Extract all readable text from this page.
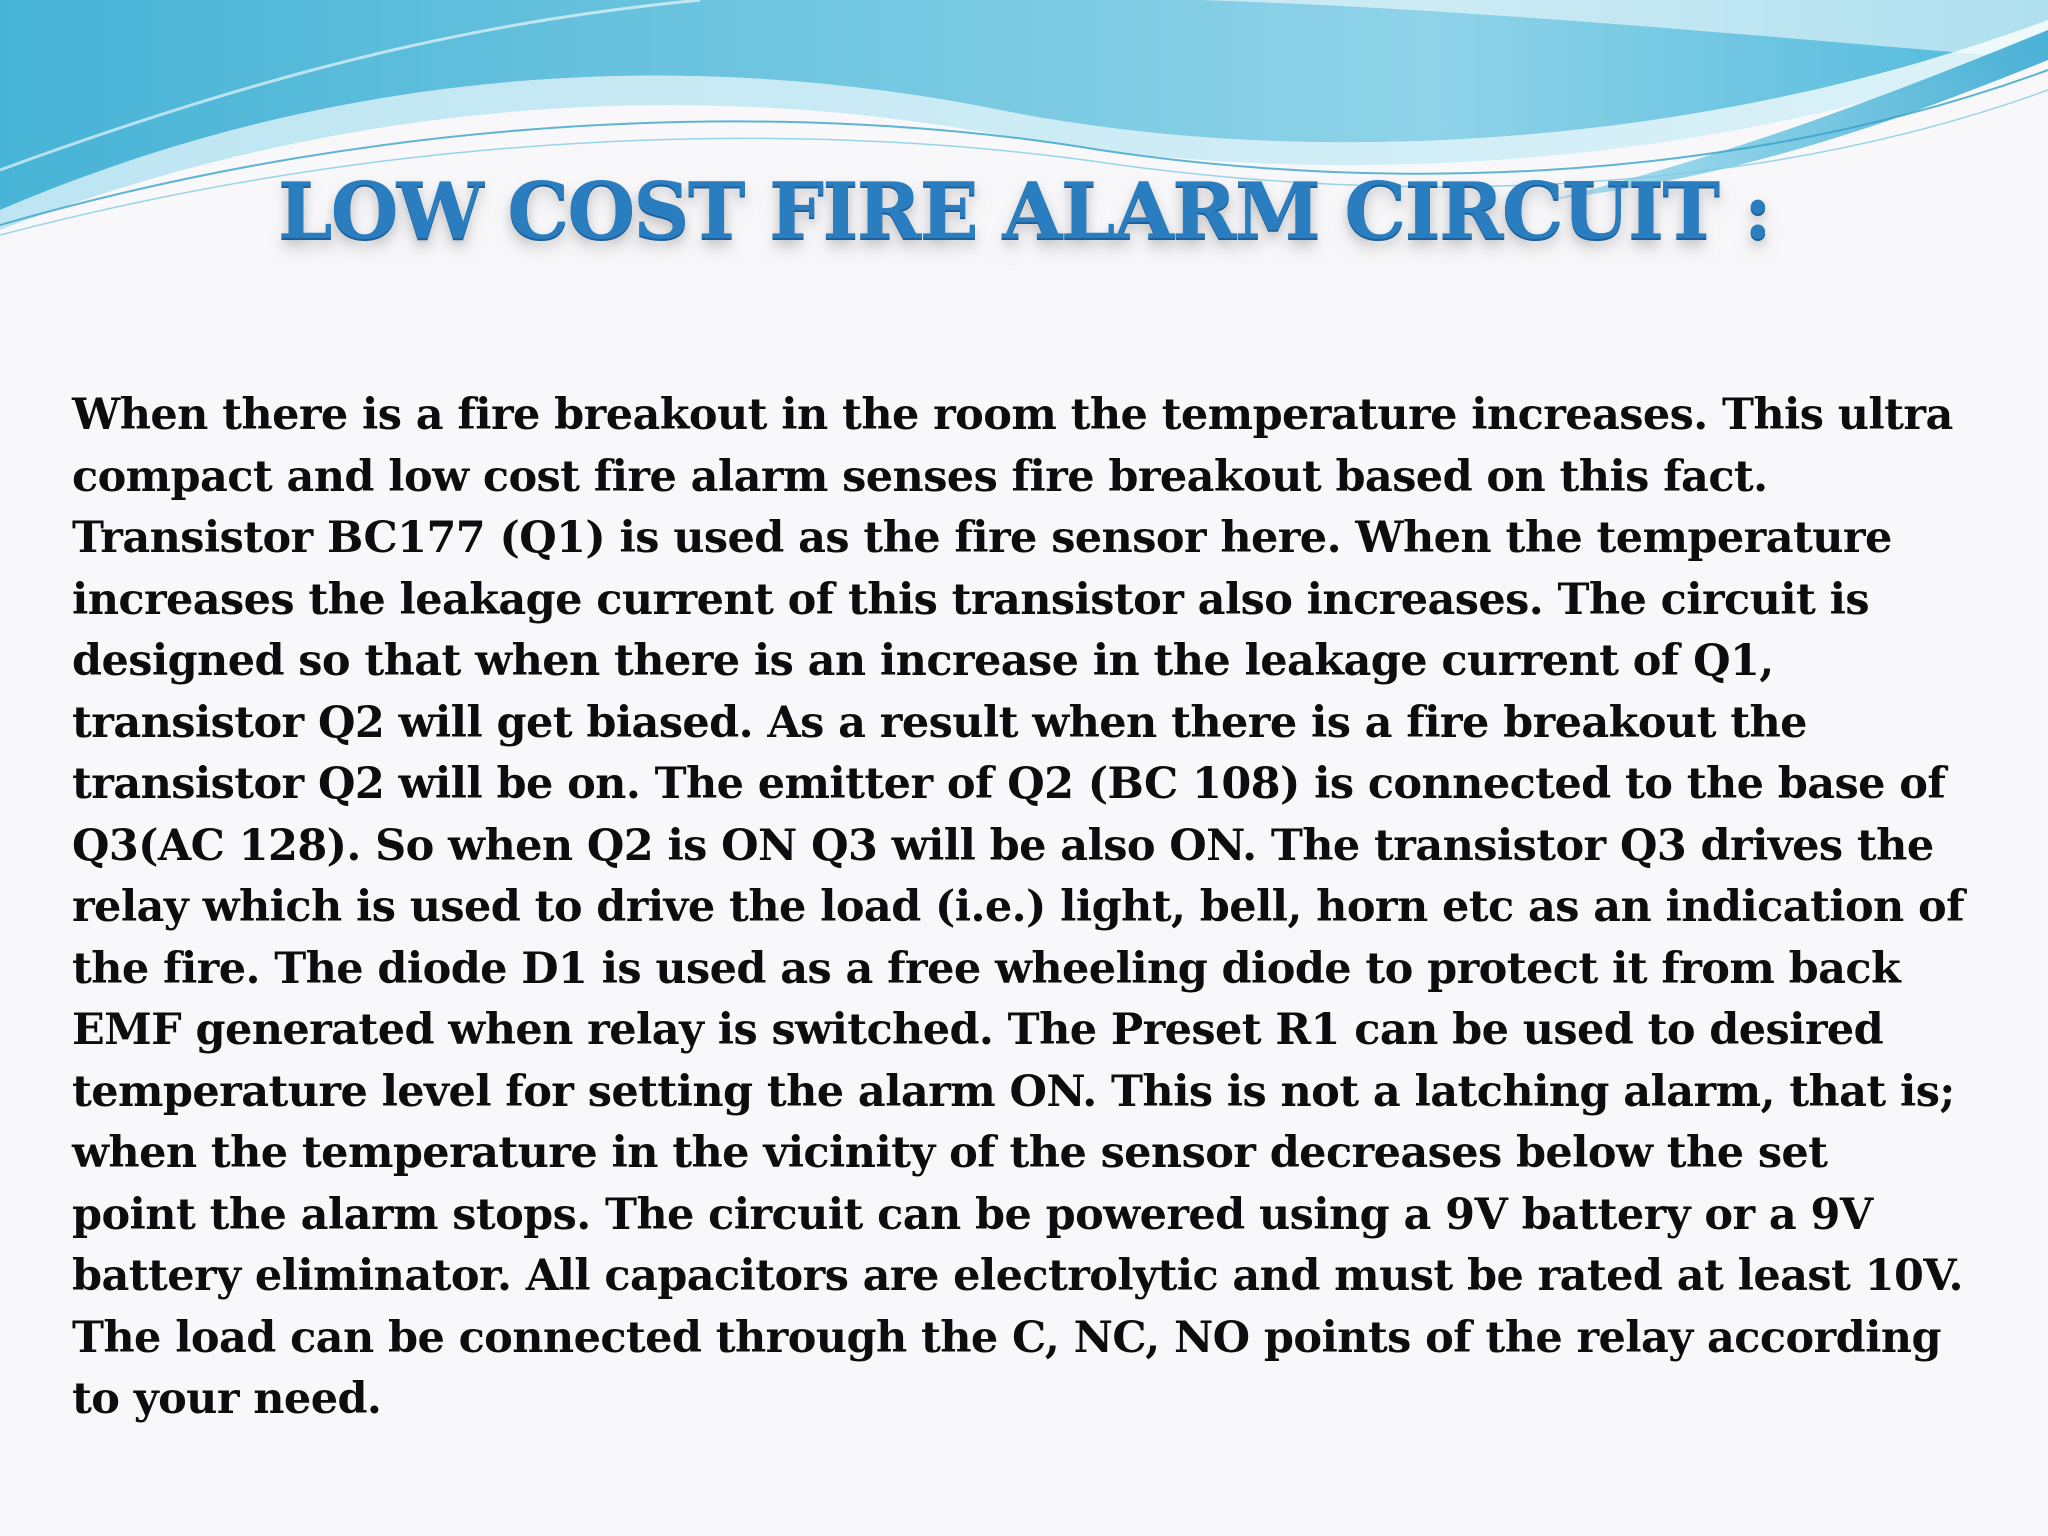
LOW COST FIRE ALARM CIRCUIT :
When there is a fire breakout in the room the temperature increases. This ultra
compact and low cost fire alarm senses fire breakout based on this fact.
Transistor BC177 (Q1) is used as the fire sensor here. When the temperature
increases the leakage current of this transistor also increases. The circuit is
designed so that when there is an increase in the leakage current of Q1,
transistor Q2 will get biased. As a result when there is a fire breakout the
transistor Q2 will be on. The emitter of Q2 (BC 108) is connected to the base of
Q3(AC 128). So when Q2 is ON Q3 will be also ON. The transistor Q3 drives the
relay which is used to drive the load (i.e.) light, bell, horn etc as an indication of
the fire. The diode D1 is used as a free wheeling diode to protect it from back
EMF generated when relay is switched. The Preset R1 can be used to desired
temperature level for setting the alarm ON. This is not a latching alarm, that is;
when the temperature in the vicinity of the sensor decreases below the set
point the alarm stops. The circuit can be powered using a 9V battery or a 9V
battery eliminator. All capacitors are electrolytic and must be rated at least 10V.
The load can be connected through the C, NC, NO points of the relay according
to your need.
